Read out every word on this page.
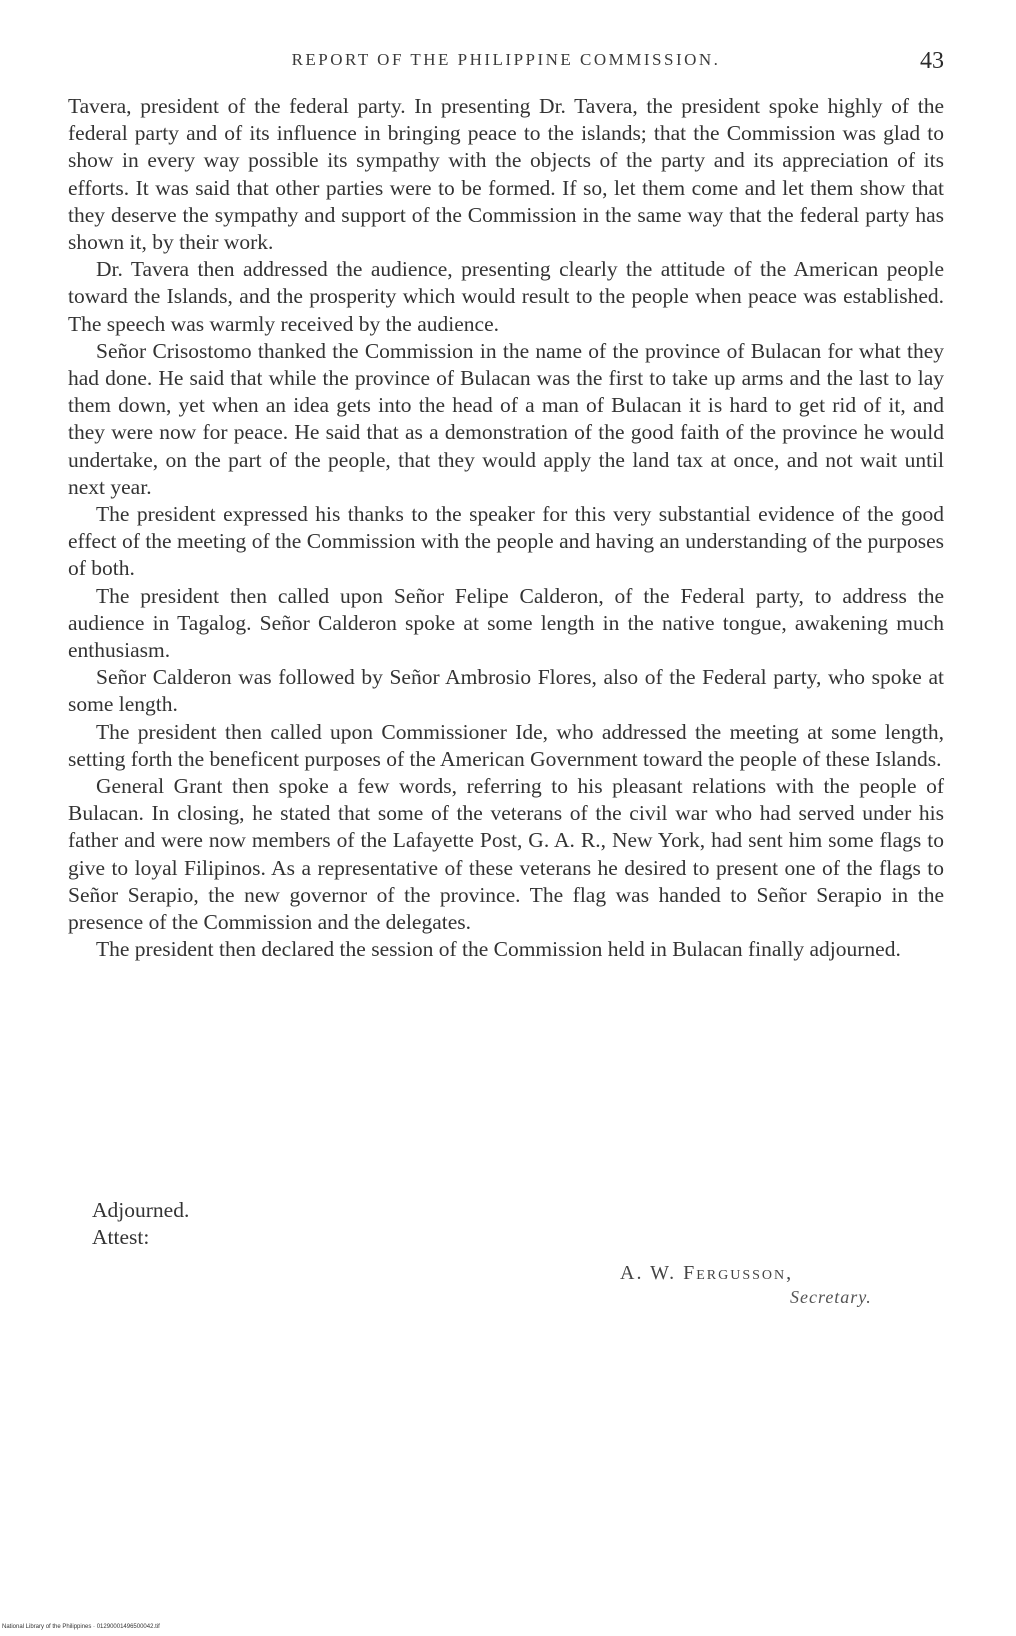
REPORT OF THE PHILIPPINE COMMISSION.	43

Tavera, president of the federal party. In presenting Dr. Tavera, the president spoke highly of the federal party and of its influence in bringing peace to the islands; that the Commission was glad to show in every way possible its sympathy with the objects of the party and its appreciation of its efforts. It was said that other parties were to be formed. If so, let them come and let them show that they deserve the sympathy and support of the Commission in the same way that the federal party has shown it, by their work.

Dr. Tavera then addressed the audience, presenting clearly the attitude of the American people toward the Islands, and the prosperity which would result to the people when peace was established. The speech was warmly received by the audience.

Señor Crisostomo thanked the Commission in the name of the province of Bulacan for what they had done. He said that while the province of Bulacan was the first to take up arms and the last to lay them down, yet when an idea gets into the head of a man of Bulacan it is hard to get rid of it, and they were now for peace. He said that as a demonstration of the good faith of the province he would undertake, on the part of the people, that they would apply the land tax at once, and not wait until next year.

The president expressed his thanks to the speaker for this very substantial evidence of the good effect of the meeting of the Commission with the people and having an understanding of the purposes of both.

The president then called upon Señor Felipe Calderon, of the Federal party, to address the audience in Tagalog. Señor Calderon spoke at some length in the native tongue, awakening much enthusiasm.

Señor Calderon was followed by Señor Ambrosio Flores, also of the Federal party, who spoke at some length.

The president then called upon Commissioner Ide, who addressed the meeting at some length, setting forth the beneficent purposes of the American Government toward the people of these Islands.

General Grant then spoke a few words, referring to his pleasant relations with the people of Bulacan. In closing, he stated that some of the veterans of the civil war who had served under his father and were now members of the Lafayette Post, G. A. R., New York, had sent him some flags to give to loyal Filipinos. As a representative of these veterans he desired to present one of the flags to Señor Serapio, the new governor of the province. The flag was handed to Señor Serapio in the presence of the Commission and the delegates.

The president then declared the session of the Commission held in Bulacan finally adjourned.

Adjourned.
Attest:
A. W. Fergusson,
Secretary.
National Library of the Philippines · 01290001496500042.tif
